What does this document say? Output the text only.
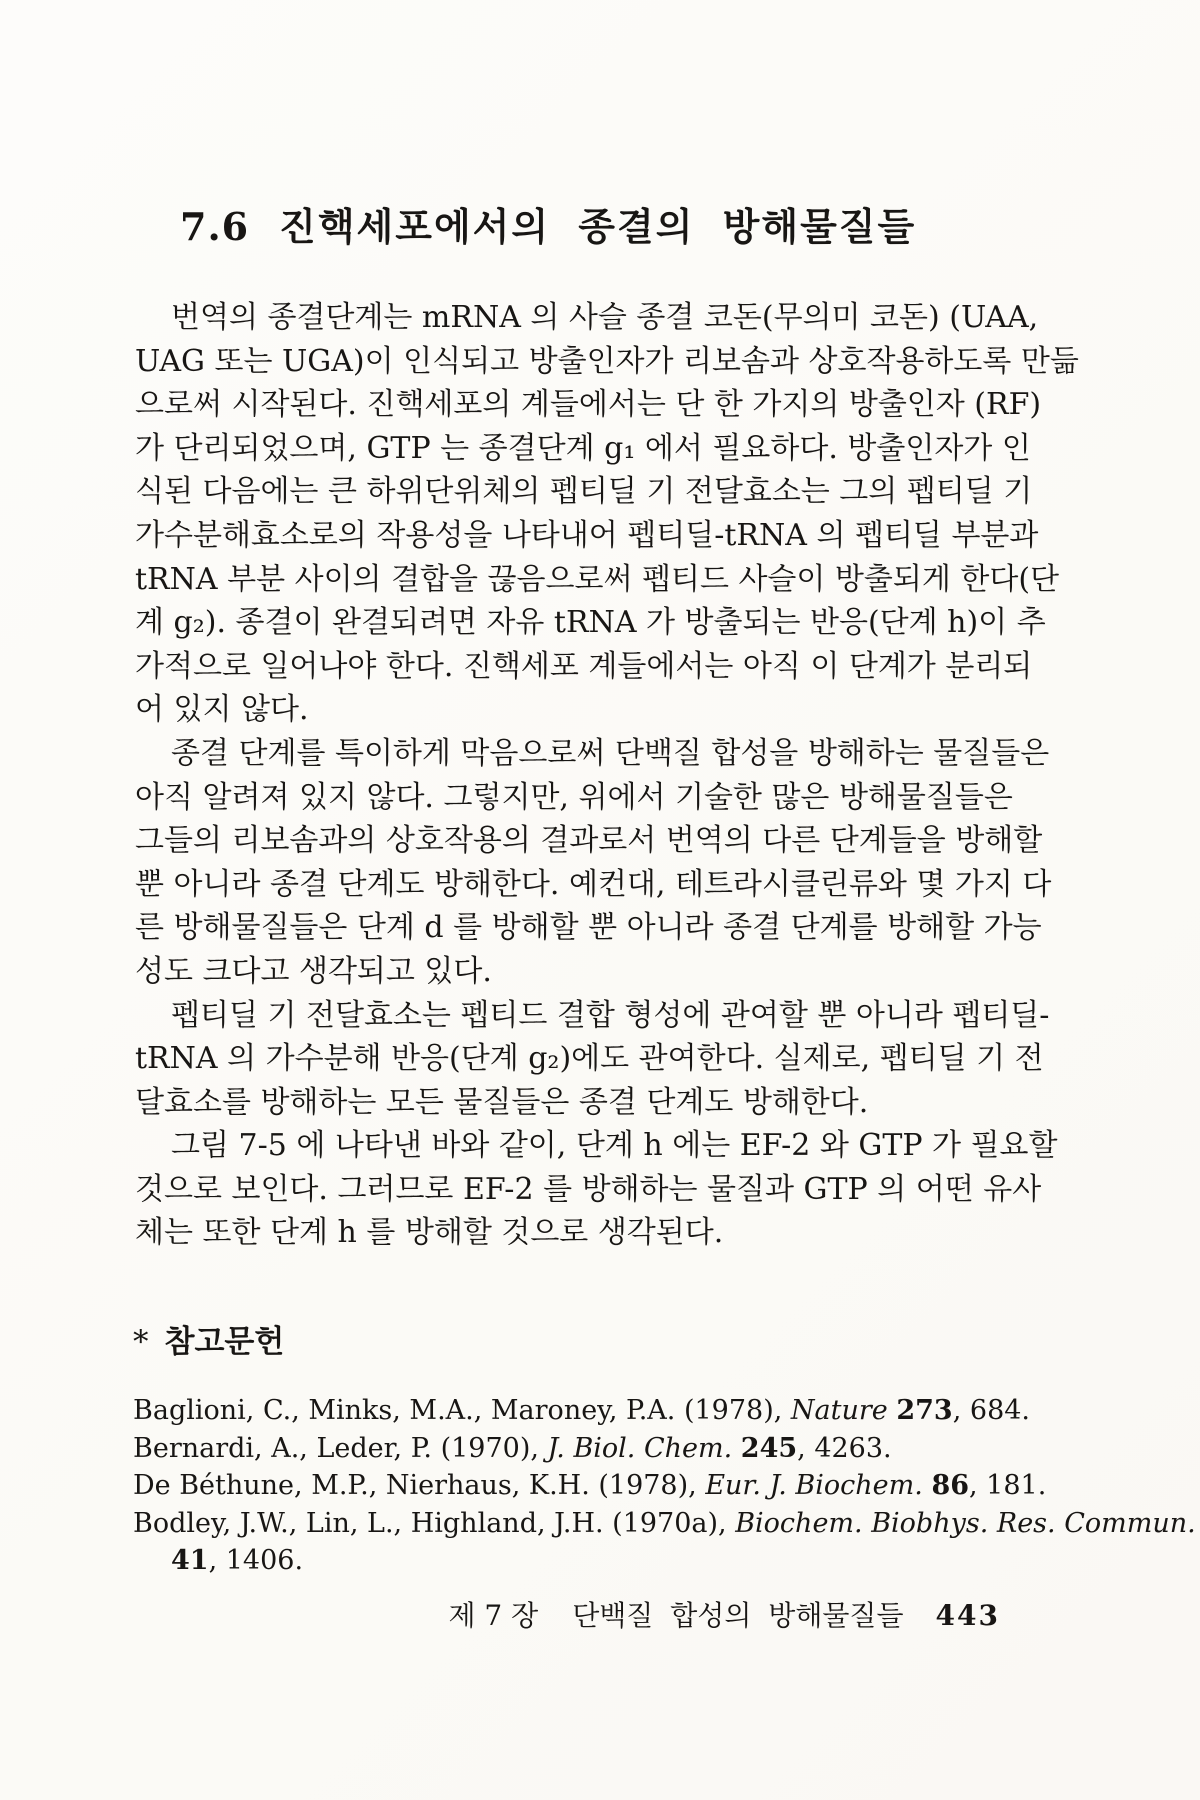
7.6 진핵세포에서의 종결의 방해물질들
번역의 종결단계는 mRNA 의 사슬 종결 코돈(무의미 코돈) (UAA,
UAG 또는 UGA)이 인식되고 방출인자가 리보솜과 상호작용하도록 만듦
으로써 시작된다. 진핵세포의 계들에서는 단 한 가지의 방출인자 (RF)
가 단리되었으며, GTP 는 종결단계 g₁ 에서 필요하다. 방출인자가 인
식된 다음에는 큰 하위단위체의 펩티딜 기 전달효소는 그의 펩티딜 기
가수분해효소로의 작용성을 나타내어 펩티딜-tRNA 의 펩티딜 부분과
tRNA 부분 사이의 결합을 끊음으로써 펩티드 사슬이 방출되게 한다(단
계 g₂). 종결이 완결되려면 자유 tRNA 가 방출되는 반응(단계 h)이 추
가적으로 일어나야 한다. 진핵세포 계들에서는 아직 이 단계가 분리되
어 있지 않다.
종결 단계를 특이하게 막음으로써 단백질 합성을 방해하는 물질들은
아직 알려져 있지 않다. 그렇지만, 위에서 기술한 많은 방해물질들은
그들의 리보솜과의 상호작용의 결과로서 번역의 다른 단계들을 방해할
뿐 아니라 종결 단계도 방해한다. 예컨대, 테트라시클린류와 몇 가지 다
른 방해물질들은 단계 d 를 방해할 뿐 아니라 종결 단계를 방해할 가능
성도 크다고 생각되고 있다.
펩티딜 기 전달효소는 펩티드 결합 형성에 관여할 뿐 아니라 펩티딜-
tRNA 의 가수분해 반응(단계 g₂)에도 관여한다. 실제로, 펩티딜 기 전
달효소를 방해하는 모든 물질들은 종결 단계도 방해한다.
그림 7-5 에 나타낸 바와 같이, 단계 h 에는 EF-2 와 GTP 가 필요할
것으로 보인다. 그러므로 EF-2 를 방해하는 물질과 GTP 의 어떤 유사
체는 또한 단계 h 를 방해할 것으로 생각된다.
* 참고문헌
Baglioni, C., Minks, M.A., Maroney, P.A. (1978), Nature 273, 684.
Bernardi, A., Leder, P. (1970), J. Biol. Chem. 245, 4263.
De Béthune, M.P., Nierhaus, K.H. (1978), Eur. J. Biochem. 86, 181.
Bodley, J.W., Lin, L., Highland, J.H. (1970a), Biochem. Biobhys. Res. Commun.
41, 1406.
제 7 장 단백질 합성의 방해물질들 443
